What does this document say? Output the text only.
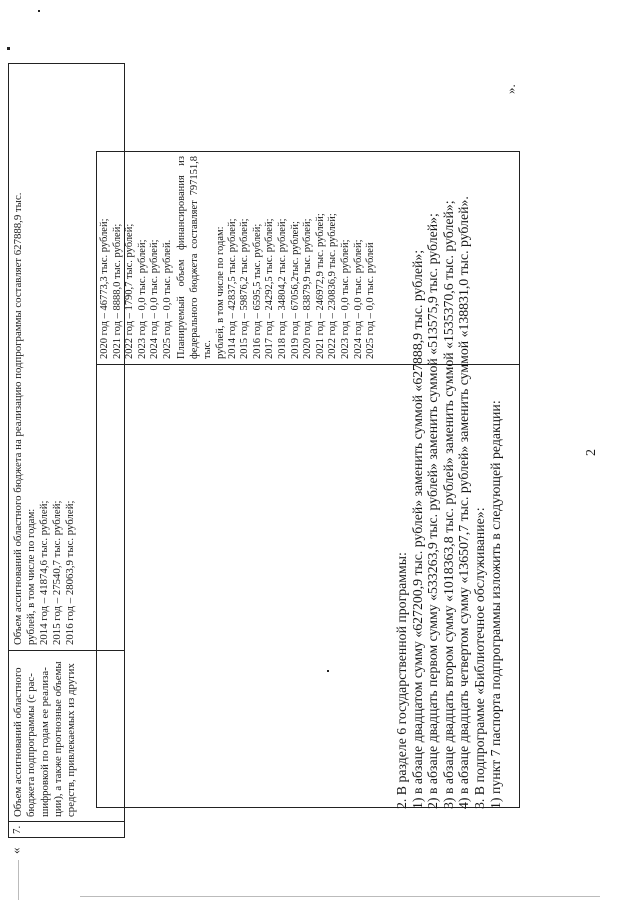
2
2020 год – 46773,3 тыс. рублей; 2021 год – 8888,0 тыс. рублей; 2022 год – 1790,7 тыс. рублей; 2023 год – 0,0 тыс. рублей; 2024 год – 0,0 тыс. рублей; 2025 год – 0,0 тыс. рублей. Планируемый объем финансирования из федерального бюджета составляет 797151,8 тыс. рублей, в том числе по годам: 2014 год – 42837,5 тыс. рублей; 2015 год – 59876,2 тыс. рублей; 2016 год – 6595,5 тыс. рублей; 2017 год – 24292,5 тыс. рублей; 2018 год – 34804,2 тыс. рублей; 2019 год – 67056,2тыс. рублей; 2020 год – 83879,9 тыс. рублей; 2021 год – 246972,9 тыс. рублей; 2022 год – 230836,9 тыс. рублей; 2023 год – 0,0 тыс. рублей; 2024 год – 0,0 тыс. рублей; 2025 год – 0,0 тыс. рублей
».
2. В разделе 6 государственной программы: 1) в абзаце двадцатом сумму «627200,9 тыс. рублей» заменить суммой «627888,9 тыс. рублей»; 2) в абзаце двадцать первом сумму «533263,9 тыс. рублей» заменить суммой «513575,9 тыс. рублей»; 3) в абзаце двадцать втором сумму «1018363,8 тыс. рублей» заменить суммой «1535370,6 тыс. рублей»; 4) в абзаце двадцать четвертом сумму «136507,7 тыс. рублей» заменить суммой «138831,0 тыс. рублей». 3. В подпрограмме «Библиотечное обслуживание»: 1) пункт 7 паспорта подпрограммы изложить в следующей редакции:
«
7.
Объем ассигнований областного бюджета подпрограммы (с рас- шифровкой по годам ее реализа- ции), а также прогнозные объемы средств, привлекаемых из других
Объем ассигнований областного бюджета на реализацию подпрограммы составляет 627888,9 тыс. рублей, в том числе по годам: 2014 год – 41874,6 тыс. рублей; 2015 год – 27540,7 тыс. рублей; 2016 год – 28063,9 тыс. рублей;
